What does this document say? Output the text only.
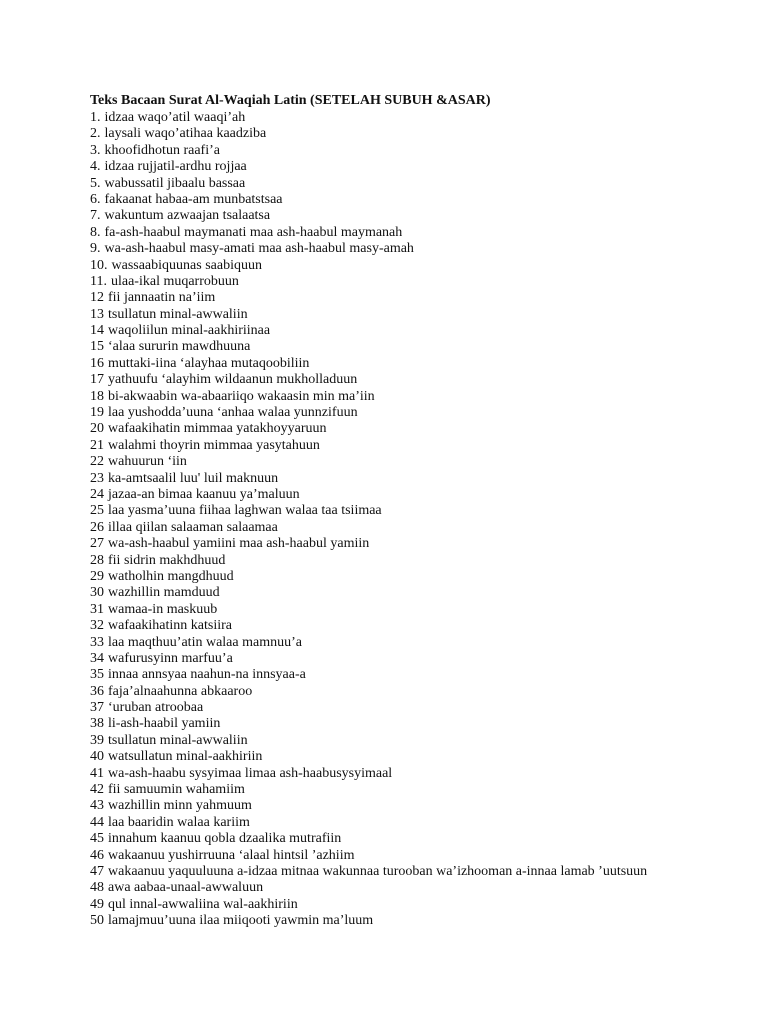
Teks Bacaan Surat Al-Waqiah Latin (SETELAH SUBUH &ASAR)
1. idzaa waqo’atil waaqi’ah
2. laysali waqo’atihaa kaadziba
3. khoofidhotun raafi’a
4. idzaa rujjatil-ardhu rojjaa
5. wabussatil jibaalu bassaa
6. fakaanat habaa-am munbatstsaa
7. wakuntum azwaajan tsalaatsa
8. fa-ash-haabul maymanati maa ash-haabul maymanah
9. wa-ash-haabul masy-amati maa ash-haabul masy-amah
10. wassaabiquunas saabiquun
11. ulaa-ikal muqarrobuun
12 fii jannaatin na’iim
13 tsullatun minal-awwaliin
14 waqoliilun minal-aakhiriinaa
15 ‘alaa sururin mawdhuuna
16 muttaki-iina ‘alayhaa mutaqoobiliin
17 yathuufu ‘alayhim wildaanun mukholladuun
18 bi-akwaabin wa-abaariiqo wakaasin min ma’iin
19 laa yushodda’uuna ‘anhaa walaa yunnzifuun
20 wafaakihatin mimmaa yatakhoyyaruun
21 walahmi thoyrin mimmaa yasytahuun
22 wahuurun ‘iin
23 ka-amtsaalil luu' luil maknuun
24 jazaa-an bimaa kaanuu ya’maluun
25 laa yasma’uuna fiihaa laghwan walaa taa tsiimaa
26 illaa qiilan salaaman salaamaa
27 wa-ash-haabul yamiini maa ash-haabul yamiin
28 fii sidrin makhdhuud
29 watholhin mangdhuud
30 wazhillin mamduud
31 wamaa-in maskuub
32 wafaakihatinn katsiira
33 laa maqthuu’atin walaa mamnuu’a
34 wafurusyinn marfuu’a
35 innaa annsyaa naahun-na innsyaa-a
36 faja’alnaahunna abkaaroo
37 ‘uruban atroobaa
38 li-ash-haabil yamiin
39 tsullatun minal-awwaliin
40 watsullatun minal-aakhiriin
41 wa-ash-haabu sysyimaa limaa ash-haabusysyimaal
42 fii samuumin wahamiim
43 wazhillin minn yahmuum
44 laa baaridin walaa kariim
45 innahum kaanuu qobla dzaalika mutrafiin
46 wakaanuu yushirruuna ‘alaal hintsil ’azhiim
47 wakaanuu yaquuluuna a-idzaa mitnaa wakunnaa turooban wa’izhooman a-innaa lamab ’uutsuun
48 awa aabaa-unaal-awwaluun
49 qul innal-awwaliina wal-aakhiriin
50 lamajmuu’uuna ilaa miiqooti yawmin ma’luum
